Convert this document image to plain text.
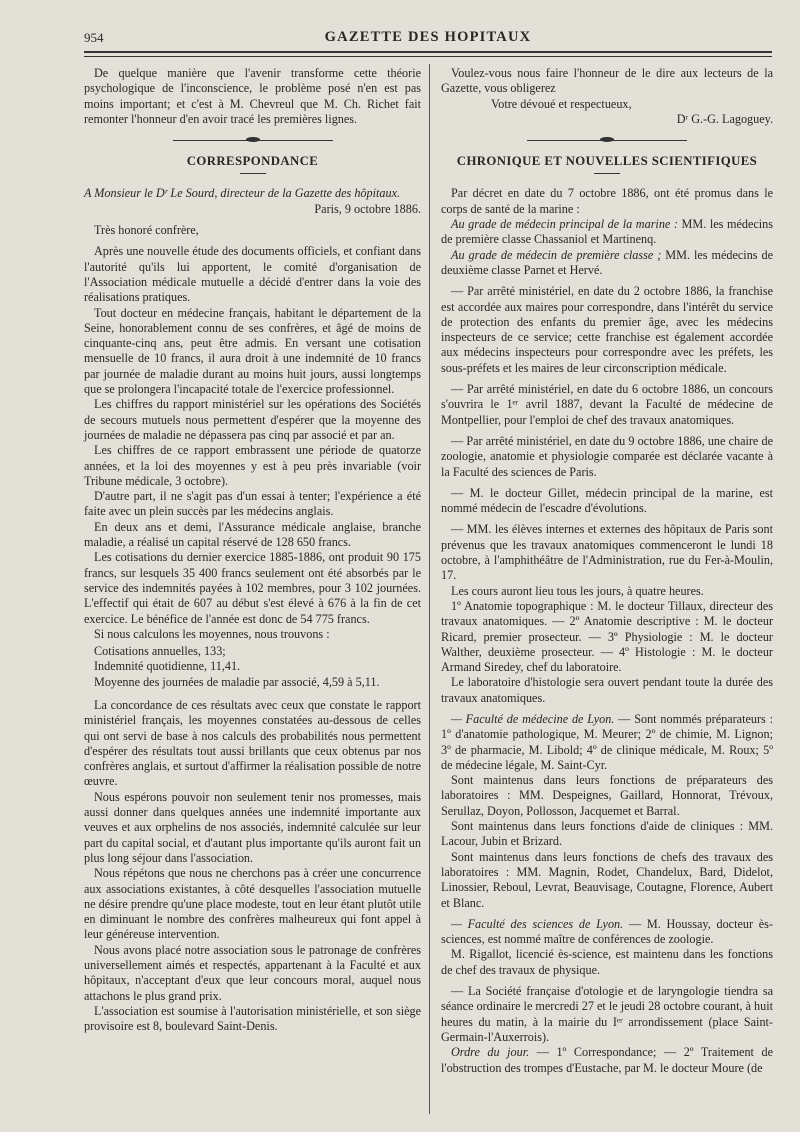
954	GAZETTE DES HOPITAUX

De quelque manière que l'avenir transforme cette théorie psychologique de l'inconscience, le problème posé n'en est pas moins important; et c'est à M. Chevreul que M. Ch. Richet fait remonter l'honneur d'en avoir tracé les premières lignes.

CORRESPONDANCE

A Monsieur le Dʳ Le Sourd, directeur de la Gazette des hôpitaux.

Paris, 9 octobre 1886.

Très honoré confrère,

Après une nouvelle étude des documents officiels, et confiant dans l'autorité qu'ils lui apportent, le comité d'organisation de l'Association médicale mutuelle a décidé d'entrer dans la voie des réalisations pratiques.

Tout docteur en médecine français, habitant le département de la Seine, honorablement connu de ses confrères, et âgé de moins de cinquante-cinq ans, peut être admis. En versant une cotisation mensuelle de 10 francs, il aura droit à une indemnité de 10 francs par journée de maladie durant au moins huit jours, aussi longtemps que se prolongera l'incapacité totale de l'exercice professionnel.

Les chiffres du rapport ministériel sur les opérations des Sociétés de secours mutuels nous permettent d'espérer que la moyenne des journées de maladie ne dépassera pas cinq par associé et par an.

Les chiffres de ce rapport embrassent une période de quatorze années, et la loi des moyennes y est à peu près invariable (voir Tribune médicale, 3 octobre).

D'autre part, il ne s'agit pas d'un essai à tenter; l'expérience a été faite avec un plein succès par les médecins anglais.

En deux ans et demi, l'Assurance médicale anglaise, branche maladie, a réalisé un capital réservé de 128 650 francs.

Les cotisations du dernier exercice 1885-1886, ont produit 90 175 francs, sur lesquels 35 400 francs seulement ont été absorbés par le service des indemnités payées à 102 membres, pour 3 102 journées. L'effectif qui était de 607 au début s'est élevé à 676 à la fin de cet exercice. Le bénéfice de l'année est donc de 54 775 francs.

Si nous calculons les moyennes, nous trouvons :

Cotisations annuelles, 133;

Indemnité quotidienne, 11,41.

Moyenne des journées de maladie par associé, 4,59 à 5,11.

La concordance de ces résultats avec ceux que constate le rapport ministériel français, les moyennes constatées au-dessous de celles qui ont servi de base à nos calculs des probabilités nous permettent d'espérer des résultats tout aussi brillants que ceux obtenus par nos confrères anglais, et surtout d'affirmer la réalisation possible de notre œuvre.

Nous espérons pouvoir non seulement tenir nos promesses, mais aussi donner dans quelques années une indemnité importante aux veuves et aux orphelins de nos associés, indemnité calculée sur leur part du capital social, et d'autant plus importante qu'ils auront fait un plus long séjour dans l'association.

Nous répétons que nous ne cherchons pas à créer une concurrence aux associations existantes, à côté desquelles l'association mutuelle ne désire prendre qu'une place modeste, tout en leur étant plutôt utile en diminuant le nombre des confrères malheureux qui font appel à leur généreuse intervention.

Nous avons placé notre association sous le patronage de confrères universellement aimés et respectés, appartenant à la Faculté et aux hôpitaux, n'acceptant d'eux que leur concours moral, auquel nous attachons le plus grand prix.

L'association est soumise à l'autorisation ministérielle, et son siège provisoire est 8, boulevard Saint-Denis.

Voulez-vous nous faire l'honneur de le dire aux lecteurs de la Gazette, vous obligerez

Votre dévoué et respectueux,

Dʳ G.-G. Lagoguey.

CHRONIQUE ET NOUVELLES SCIENTIFIQUES

Par décret en date du 7 octobre 1886, ont été promus dans le corps de santé de la marine :

Au grade de médecin principal de la marine : MM. les médecins de première classe Chassaniol et Martinenq.

Au grade de médecin de première classe ; MM. les médecins de deuxième classe Parnet et Hervé.

— Par arrêté ministériel, en date du 2 octobre 1886, la franchise est accordée aux maires pour correspondre, dans l'intérêt du service de protection des enfants du premier âge, avec les médecins inspecteurs de ce service; cette franchise est également accordée aux médecins inspecteurs pour correspondre avec les préfets, les sous-préfets et les maires de leur circonscription médicale.

— Par arrêté ministériel, en date du 6 octobre 1886, un concours s'ouvrira le 1ᵉʳ avril 1887, devant la Faculté de médecine de Montpellier, pour l'emploi de chef des travaux anatomiques.

— Par arrêté ministériel, en date du 9 octobre 1886, une chaire de zoologie, anatomie et physiologie comparée est déclarée vacante à la Faculté des sciences de Paris.

— M. le docteur Gillet, médecin principal de la marine, est nommé médecin de l'escadre d'évolutions.

— MM. les élèves internes et externes des hôpitaux de Paris sont prévenus que les travaux anatomiques commenceront le lundi 18 octobre, à l'amphithéâtre de l'Administration, rue du Fer-à-Moulin, 17.

Les cours auront lieu tous les jours, à quatre heures.

1º Anatomie topographique : M. le docteur Tillaux, directeur des travaux anatomiques. — 2º Anatomie descriptive : M. le docteur Ricard, premier prosecteur. — 3º Physiologie : M. le docteur Walther, deuxième prosecteur. — 4º Histologie : M. le docteur Armand Siredey, chef du laboratoire.

Le laboratoire d'histologie sera ouvert pendant toute la durée des travaux anatomiques.

— Faculté de médecine de Lyon. — Sont nommés préparateurs : 1º d'anatomie pathologique, M. Meurer; 2º de chimie, M. Lignon; 3º de pharmacie, M. Libold; 4º de clinique médicale, M. Roux; 5º de médecine légale, M. Saint-Cyr.

Sont maintenus dans leurs fonctions de préparateurs des laboratoires : MM. Despeignes, Gaillard, Honnorat, Trévoux, Serullaz, Doyon, Pollosson, Jacquemet et Barral.

Sont maintenus dans leurs fonctions d'aide de cliniques : MM. Lacour, Jubin et Brizard.

Sont maintenus dans leurs fonctions de chefs des travaux des laboratoires : MM. Magnin, Rodet, Chandelux, Bard, Didelot, Linossier, Reboul, Levrat, Beauvisage, Coutagne, Florence, Aubert et Blanc.

— Faculté des sciences de Lyon. — M. Houssay, docteur ès-sciences, est nommé maître de conférences de zoologie.

M. Rigallot, licencié ès-science, est maintenu dans les fonctions de chef des travaux de physique.

— La Société française d'otologie et de laryngologie tiendra sa séance ordinaire le mercredi 27 et le jeudi 28 octobre courant, à huit heures du matin, à la mairie du Iᵉʳ arrondissement (place Saint-Germain-l'Auxerrois).

Ordre du jour. — 1º Correspondance; — 2º Traitement de l'obstruction des trompes d'Eustache, par M. le docteur Moure (de
